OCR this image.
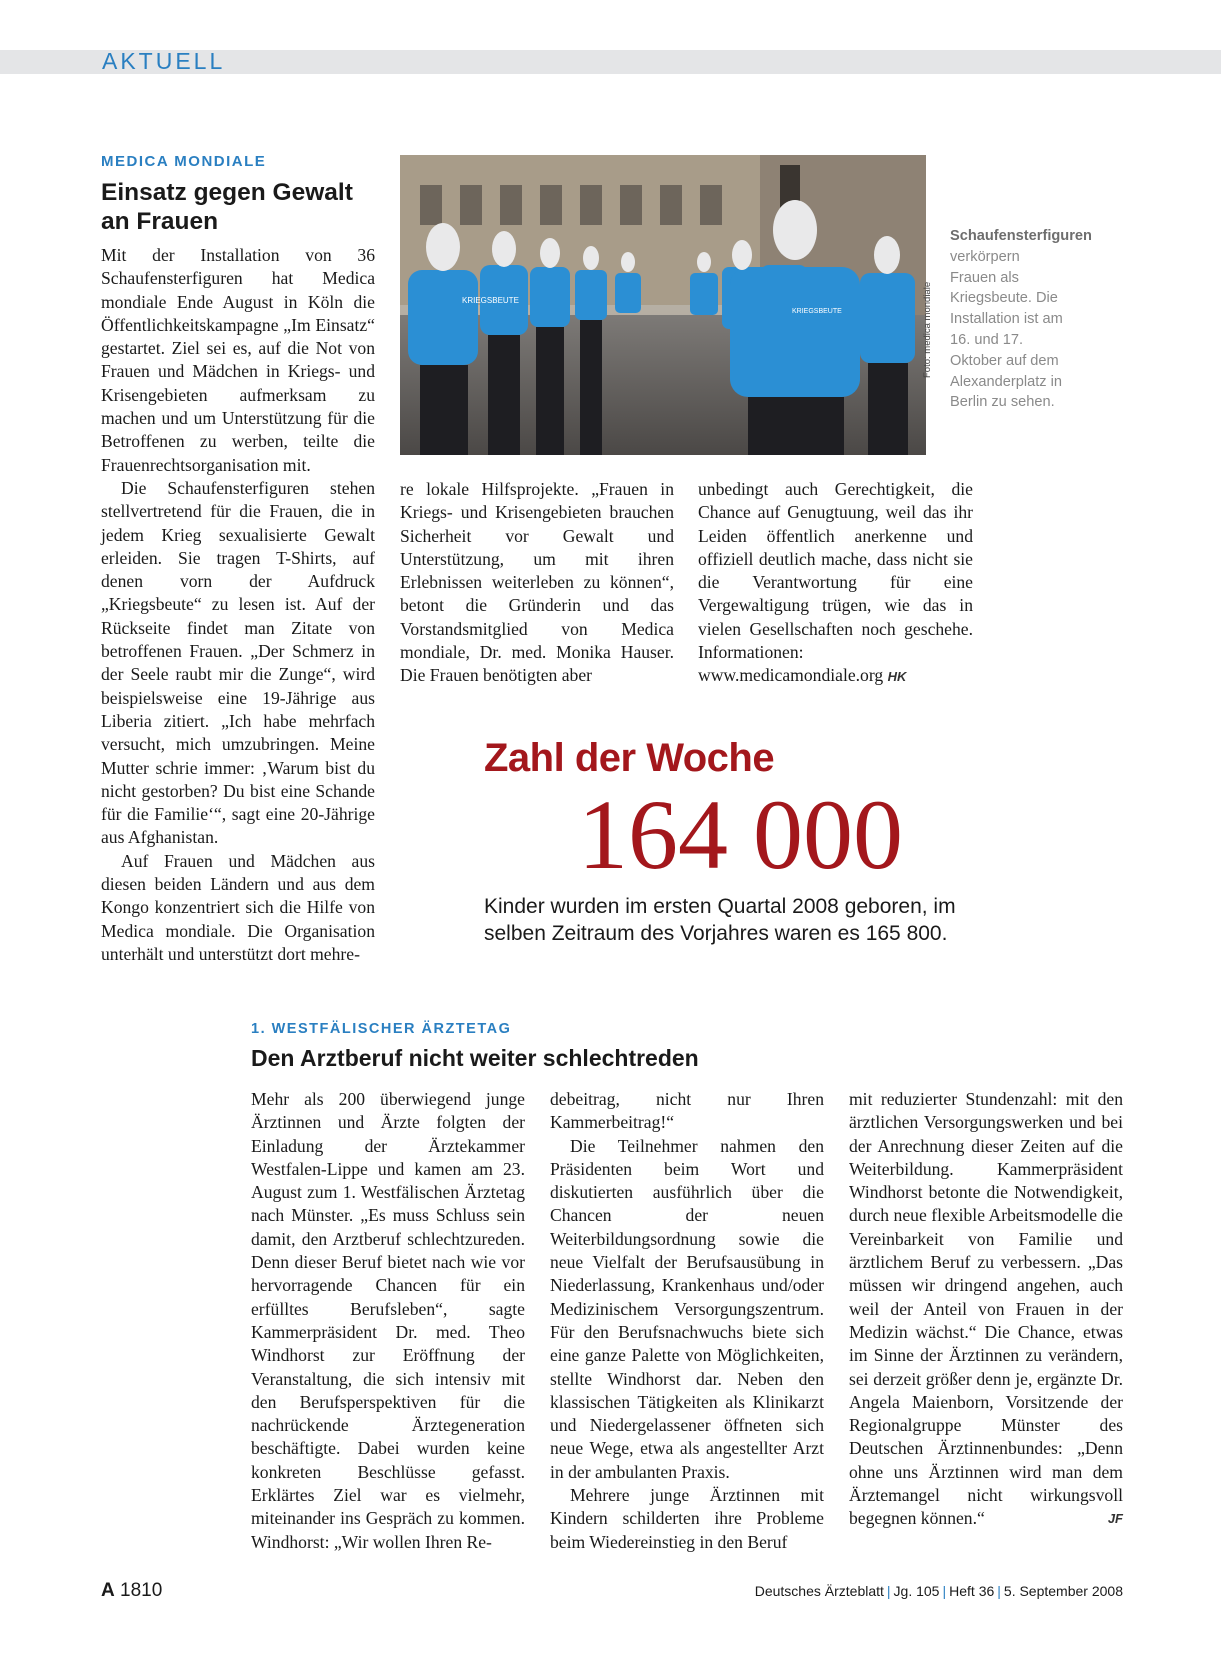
AKTUELL
MEDICA MONDIALE
Einsatz gegen Gewalt
an Frauen

Mit der Installation von 36 Schaufensterfiguren hat Medica mondiale Ende August in Köln die Öffentlichkeitskampagne „Im Einsatz“ gestartet. Ziel sei es, auf die Not von Frauen und Mädchen in Kriegs- und Krisengebieten aufmerksam zu machen und um Unterstützung für die Betroffenen zu werben, teilte die Frauenrechtsorganisation mit.

Die Schaufensterfiguren stehen stellvertretend für die Frauen, die in jedem Krieg sexualisierte Gewalt erleiden. Sie tragen T-Shirts, auf denen vorn der Aufdruck „Kriegsbeute“ zu lesen ist. Auf der Rückseite findet man Zitate von betroffenen Frauen. „Der Schmerz in der Seele raubt mir die Zunge“, wird beispielsweise eine 19-Jährige aus Liberia zitiert. „Ich habe mehrfach versucht, mich umzubringen. Meine Mutter schrie immer: ‚Warum bist du nicht gestorben? Du bist eine Schande für die Familie‘“, sagt eine 20-Jährige aus Afghanistan.

Auf Frauen und Mädchen aus diesen beiden Ländern und aus dem Kongo konzentriert sich die Hilfe von Medica mondiale. Die Organisation unterhält und unterstützt dort mehre-

KRIEGSBEUTE
KRIEGSBEUTE	Foto: medica mondiale
Schaufensterfiguren verkörpern Frauen als Kriegsbeute. Die Installation ist am 16. und 17. Oktober auf dem Alexanderplatz in Berlin zu sehen.

re lokale Hilfsprojekte. „Frauen in Kriegs- und Krisengebieten brauchen Sicherheit vor Gewalt und Unterstützung, um mit ihren Erlebnissen weiterleben zu können“, betont die Gründerin und das Vorstandsmitglied von Medica mondiale, Dr. med. Monika Hauser. Die Frauen benötigten aber

unbedingt auch Gerechtigkeit, die Chance auf Genugtuung, weil das ihr Leiden öffentlich anerkenne und offiziell deutlich mache, dass nicht sie die Verantwortung für eine Vergewaltigung trügen, wie das in vielen Gesellschaften noch geschehe. Informationen: www.medicamondiale.org HK

Zahl der Woche
164 000
Kinder wurden im ersten Quartal 2008 geboren, im selben Zeitraum des Vorjahres waren es 165 800.
1. WESTFÄLISCHER ÄRZTETAG
Den Arztberuf nicht weiter schlechtreden

Mehr als 200 überwiegend junge Ärztinnen und Ärzte folgten der Einladung der Ärztekammer Westfalen-Lippe und kamen am 23. August zum 1. Westfälischen Ärztetag nach Münster. „Es muss Schluss sein damit, den Arztberuf schlechtzureden. Denn dieser Beruf bietet nach wie vor hervorragende Chancen für ein erfülltes Berufsleben“, sagte Kammerpräsident Dr. med. Theo Windhorst zur Eröffnung der Veranstaltung, die sich intensiv mit den Berufsperspektiven für die nachrückende Ärztegeneration beschäftigte. Dabei wurden keine konkreten Beschlüsse gefasst. Erklärtes Ziel war es vielmehr, miteinander ins Gespräch zu kommen. Windhorst: „Wir wollen Ihren Re-

debeitrag, nicht nur Ihren Kammerbeitrag!“

Die Teilnehmer nahmen den Präsidenten beim Wort und diskutierten ausführlich über die Chancen der neuen Weiterbildungsordnung sowie die neue Vielfalt der Berufsausübung in Niederlassung, Krankenhaus und/oder Medizinischem Versorgungszentrum. Für den Berufsnachwuchs biete sich eine ganze Palette von Möglichkeiten, stellte Windhorst dar. Neben den klassischen Tätigkeiten als Klinikarzt und Niedergelassener öffneten sich neue Wege, etwa als angestellter Arzt in der ambulanten Praxis.

Mehrere junge Ärztinnen mit Kindern schilderten ihre Probleme beim Wiedereinstieg in den Beruf

mit reduzierter Stundenzahl: mit den ärztlichen Versorgungswerken und bei der Anrechnung dieser Zeiten auf die Weiterbildung. Kammerpräsident Windhorst betonte die Notwendigkeit, durch neue flexible Arbeitsmodelle die Vereinbarkeit von Familie und ärztlichem Beruf zu verbessern. „Das müssen wir dringend angehen, auch weil der Anteil von Frauen in der Medizin wächst.“ Die Chance, etwas im Sinne der Ärztinnen zu verändern, sei derzeit größer denn je, ergänzte Dr. Angela Maienborn, Vorsitzende der Regionalgruppe Münster des Deutschen Ärztinnenbundes: „Denn ohne uns Ärztinnen wird man dem Ärztemangel nicht wirkungsvoll begegnen können.“	JF

A 1810	Deutsches Ärzteblatt | Jg. 105 | Heft 36 | 5. September 2008
